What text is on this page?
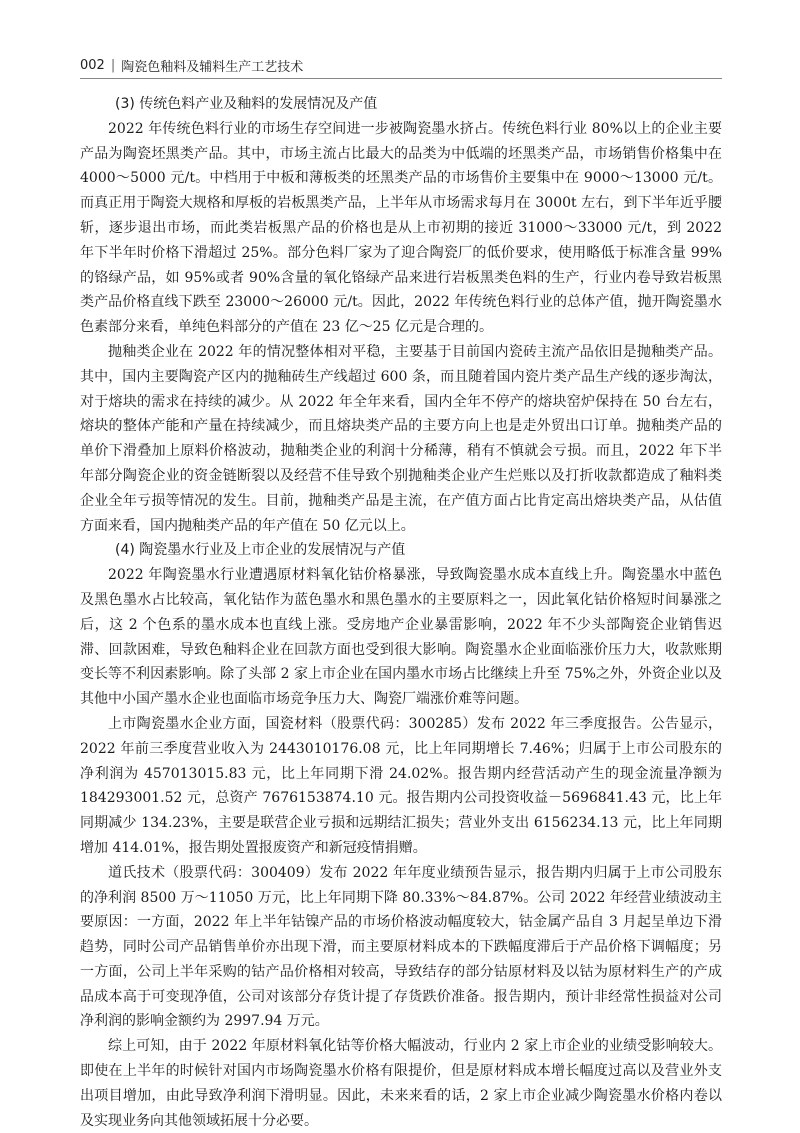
002 | 陶瓷色釉料及辅料生产工艺技术
(3) 传统色料产业及釉料的发展情况及产值

2022 年传统色料行业的市场生存空间进一步被陶瓷墨水挤占。传统色料行业 80%以上的企业主要产品为陶瓷坯黑类产品。其中，市场主流占比最大的品类为中低端的坯黑类产品，市场销售价格集中在 4000～5000 元/t。中档用于中板和薄板类的坯黑类产品的市场售价主要集中在 9000～13000 元/t。而真正用于陶瓷大规格和厚板的岩板黑类产品，上半年从市场需求每月在 3000t 左右，到下半年近乎腰斩，逐步退出市场，而此类岩板黑产品的价格也是从上市初期的接近 31000～33000 元/t，到 2022 年下半年时价格下滑超过 25%。部分色料厂家为了迎合陶瓷厂的低价要求，使用略低于标准含量 99%的铬绿产品，如 95%或者 90%含量的氧化铬绿产品来进行岩板黑类色料的生产，行业内卷导致岩板黑类产品价格直线下跌至 23000～26000 元/t。因此，2022 年传统色料行业的总体产值，抛开陶瓷墨水色素部分来看，单纯色料部分的产值在 23 亿～25 亿元是合理的。

抛釉类企业在 2022 年的情况整体相对平稳，主要基于目前国内瓷砖主流产品依旧是抛釉类产品。其中，国内主要陶瓷产区内的抛釉砖生产线超过 600 条，而且随着国内瓷片类产品生产线的逐步淘汰，对于熔块的需求在持续的减少。从 2022 年全年来看，国内全年不停产的熔块窑炉保持在 50 台左右，熔块的整体产能和产量在持续减少，而且熔块类产品的主要方向上也是走外贸出口订单。抛釉类产品的单价下滑叠加上原料价格波动，抛釉类企业的利润十分稀薄，稍有不慎就会亏损。而且，2022 年下半年部分陶瓷企业的资金链断裂以及经营不佳导致个别抛釉类企业产生烂账以及打折收款都造成了釉料类企业全年亏损等情况的发生。目前，抛釉类产品是主流，在产值方面占比肯定高出熔块类产品，从估值方面来看，国内抛釉类产品的年产值在 50 亿元以上。

(4) 陶瓷墨水行业及上市企业的发展情况与产值

2022 年陶瓷墨水行业遭遇原材料氧化钴价格暴涨，导致陶瓷墨水成本直线上升。陶瓷墨水中蓝色及黑色墨水占比较高，氧化钴作为蓝色墨水和黑色墨水的主要原料之一，因此氧化钴价格短时间暴涨之后，这 2 个色系的墨水成本也直线上涨。受房地产企业暴雷影响，2022 年不少头部陶瓷企业销售迟滞、回款困难，导致色釉料企业在回款方面也受到很大影响。陶瓷墨水企业面临涨价压力大，收款账期变长等不利因素影响。除了头部 2 家上市企业在国内墨水市场占比继续上升至 75%之外，外资企业以及其他中小国产墨水企业也面临市场竞争压力大、陶瓷厂端涨价难等问题。

上市陶瓷墨水企业方面，国瓷材料（股票代码：300285）发布 2022 年三季度报告。公告显示，2022 年前三季度营业收入为 2443010176.08 元，比上年同期增长 7.46%；归属于上市公司股东的净利润为 457013015.83 元，比上年同期下滑 24.02%。报告期内经营活动产生的现金流量净额为 184293001.52 元，总资产 7676153874.10 元。报告期内公司投资收益－5696841.43 元，比上年同期减少 134.23%，主要是联营企业亏损和远期结汇损失；营业外支出 6156234.13 元，比上年同期增加 414.01%，报告期处置报废资产和新冠疫情捐赠。

道氏技术（股票代码：300409）发布 2022 年年度业绩预告显示，报告期内归属于上市公司股东的净利润 8500 万～11050 万元，比上年同期下降 80.33%～84.87%。公司 2022 年经营业绩波动主要原因：一方面，2022 年上半年钴镍产品的市场价格波动幅度较大，钴金属产品自 3 月起呈单边下滑趋势，同时公司产品销售单价亦出现下滑，而主要原材料成本的下跌幅度滞后于产品价格下调幅度；另一方面，公司上半年采购的钴产品价格相对较高，导致结存的部分钴原材料及以钴为原材料生产的产成品成本高于可变现净值，公司对该部分存货计提了存货跌价准备。报告期内，预计非经常性损益对公司净利润的影响金额约为 2997.94 万元。

综上可知，由于 2022 年原材料氧化钴等价格大幅波动，行业内 2 家上市企业的业绩受影响较大。即使在上半年的时候针对国内市场陶瓷墨水价格有限提价，但是原材料成本增长幅度过高以及营业外支出项目增加，由此导致净利润下滑明显。因此，未来来看的话，2 家上市企业减少陶瓷墨水价格内卷以及实现业务向其他领域拓展十分必要。
